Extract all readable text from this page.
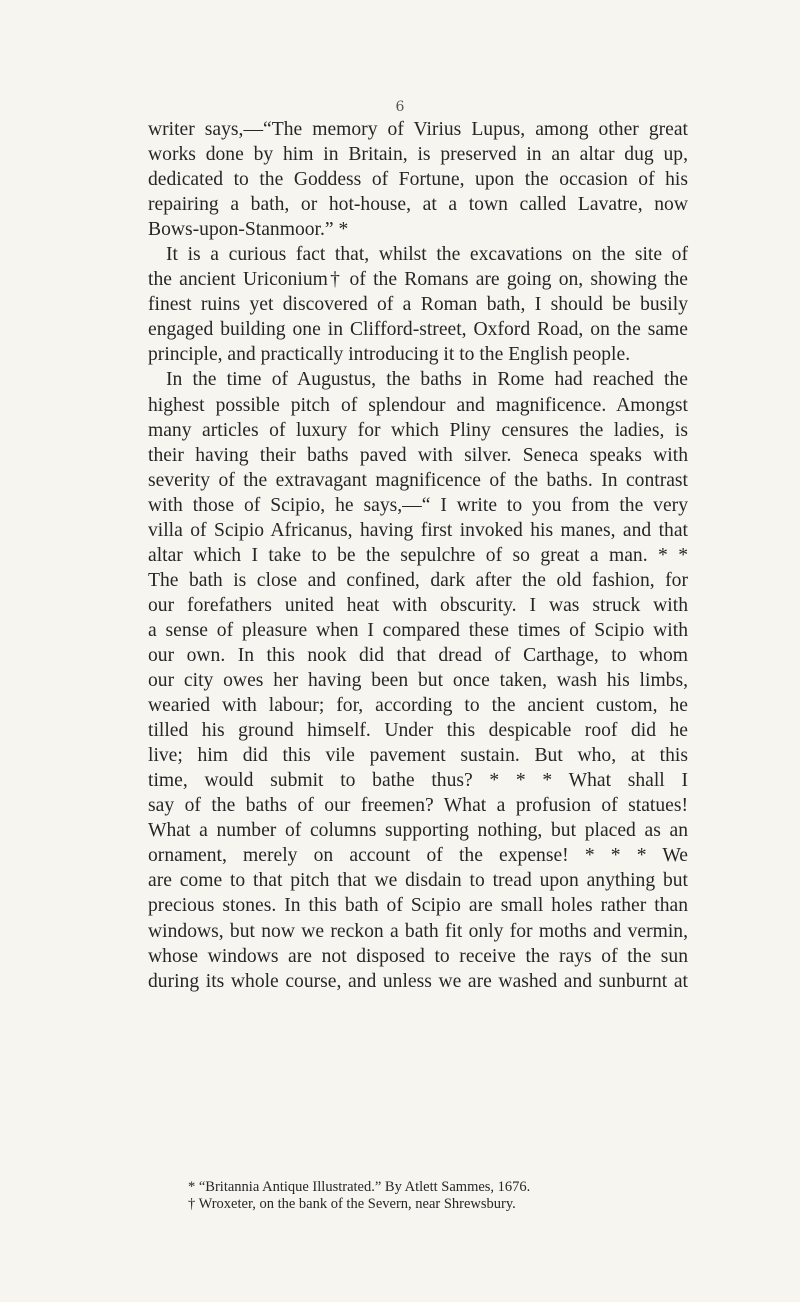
6
writer says,—“The memory of Virius Lupus, among other great
works done by him in Britain, is preserved in an altar dug up,
dedicated to the Goddess of Fortune, upon the occasion of his
repairing a bath, or hot-house, at a town called Lavatre, now
Bows-upon-Stanmoor.” *
It is a curious fact that, whilst the excavations on the site of
the ancient Uriconium† of the Romans are going on, showing the
finest ruins yet discovered of a Roman bath, I should be busily
engaged building one in Clifford-street, Oxford Road, on the same
principle, and practically introducing it to the English people.
In the time of Augustus, the baths in Rome had reached the
highest possible pitch of splendour and magnificence. Amongst
many articles of luxury for which Pliny censures the ladies, is
their having their baths paved with silver. Seneca speaks with
severity of the extravagant magnificence of the baths. In contrast
with those of Scipio, he says,—“ I write to you from the very
villa of Scipio Africanus, having first invoked his manes, and that
altar which I take to be the sepulchre of so great a man. * *
The bath is close and confined, dark after the old fashion, for
our forefathers united heat with obscurity. I was struck with
a sense of pleasure when I compared these times of Scipio with
our own. In this nook did that dread of Carthage, to whom
our city owes her having been but once taken, wash his limbs,
wearied with labour; for, according to the ancient custom, he
tilled his ground himself. Under this despicable roof did he
live; him did this vile pavement sustain. But who, at this
time, would submit to bathe thus? * * * What shall I
say of the baths of our freemen? What a profusion of statues!
What a number of columns supporting nothing, but placed as an
ornament, merely on account of the expense! * * * We
are come to that pitch that we disdain to tread upon anything but
precious stones. In this bath of Scipio are small holes rather than
windows, but now we reckon a bath fit only for moths and vermin,
whose windows are not disposed to receive the rays of the sun
during its whole course, and unless we are washed and sunburnt at
* “Britannia Antique Illustrated.” By Atlett Sammes, 1676.
† Wroxeter, on the bank of the Severn, near Shrewsbury.
